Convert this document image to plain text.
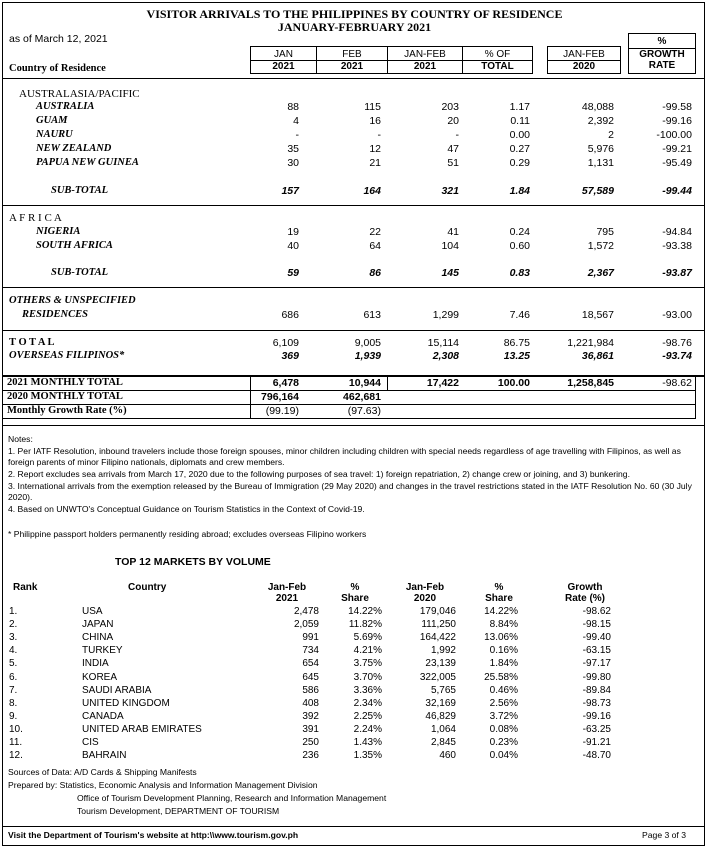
VISITOR ARRIVALS TO THE PHILIPPINES BY COUNTRY OF RESIDENCE
JANUARY-FEBRUARY 2021
as of March 12, 2021
JAN
2021
FEB
2021
JAN-FEB
2021
% OF
TOTAL
JAN-FEB
2020
%
GROWTH
RATE
Country of Residence
AUSTRALASIA/PACIFIC
AUSTRALIA	88	115	203	1.17	48,088	-99.58
GUAM	4	16	20	0.11	2,392	-99.16
NAURU	-	-	-	0.00	2	-100.00
NEW ZEALAND	35	12	47	0.27	5,976	-99.21
PAPUA NEW GUINEA	30	21	51	0.29	1,131	-95.49
SUB-TOTAL	157	164	321	1.84	57,589	-99.44
A F R I C A
NIGERIA	19	22	41	0.24	795	-94.84
SOUTH AFRICA	40	64	104	0.60	1,572	-93.38
SUB-TOTAL	59	86	145	0.83	2,367	-93.87
OTHERS & UNSPECIFIED
RESIDENCES	686	613	1,299	7.46	18,567	-93.00
T O T A L	6,109	9,005	15,114	86.75	1,221,984	-98.76
OVERSEAS FILIPINOS*	369	1,939	2,308	13.25	36,861	-93.74
2021 MONTHLY TOTAL	6,478	10,944	17,422	100.00	1,258,845	-98.62
2020 MONTHLY TOTAL	796,164	462,681
Monthly Growth Rate (%)	(99.19)	(97.63)
Notes:
1. Per IATF Resolution, inbound travelers include those foreign spouses, minor children including children with special needs regardless of age travelling with Filipinos, as well as foreign parents of minor Filipino nationals, diplomats and crew members.
2. Report excludes sea arrivals from March 17, 2020 due to the following purposes of sea travel: 1) foreign repatriation, 2) change crew or joining, and 3) bunkering.
3. International arrivals from the exemption released by the Bureau of Immigration (29 May 2020) and changes in the travel restrictions stated in the IATF Resolution No. 60 (30 July 2020).
4. Based on UNWTO's Conceptual Guidance on Tourism Statistics in the Context of Covid-19.
* Philippine passport holders permanently residing abroad; excludes overseas Filipino workers
TOP 12 MARKETS BY VOLUME
Rank	Country	Jan-Feb
2021
%
Share
Jan-Feb
2020
%
Share
Growth
Rate (%)
1.	USA	2,478	14.22%	179,046	14.22%	-98.62
2.	JAPAN	2,059	11.82%	111,250	8.84%	-98.15
3.	CHINA	991	5.69%	164,422	13.06%	-99.40
4.	TURKEY	734	4.21%	1,992	0.16%	-63.15
5.	INDIA	654	3.75%	23,139	1.84%	-97.17
6.	KOREA	645	3.70%	322,005	25.58%	-99.80
7.	SAUDI ARABIA	586	3.36%	5,765	0.46%	-89.84
8.	UNITED KINGDOM	408	2.34%	32,169	2.56%	-98.73
9.	CANADA	392	2.25%	46,829	3.72%	-99.16
10.	UNITED ARAB EMIRATES	391	2.24%	1,064	0.08%	-63.25
11.	CIS	250	1.43%	2,845	0.23%	-91.21
12.	BAHRAIN	236	1.35%	460	0.04%	-48.70
Sources of Data: A/D Cards & Shipping Manifests
Prepared by: Statistics, Economic Analysis and Information Management Division
Office of Tourism Development Planning, Research and Information Management
Tourism Development, DEPARTMENT OF TOURISM
Visit the Department of Tourism's website at http:\\www.tourism.gov.ph	Page 3 of 3
